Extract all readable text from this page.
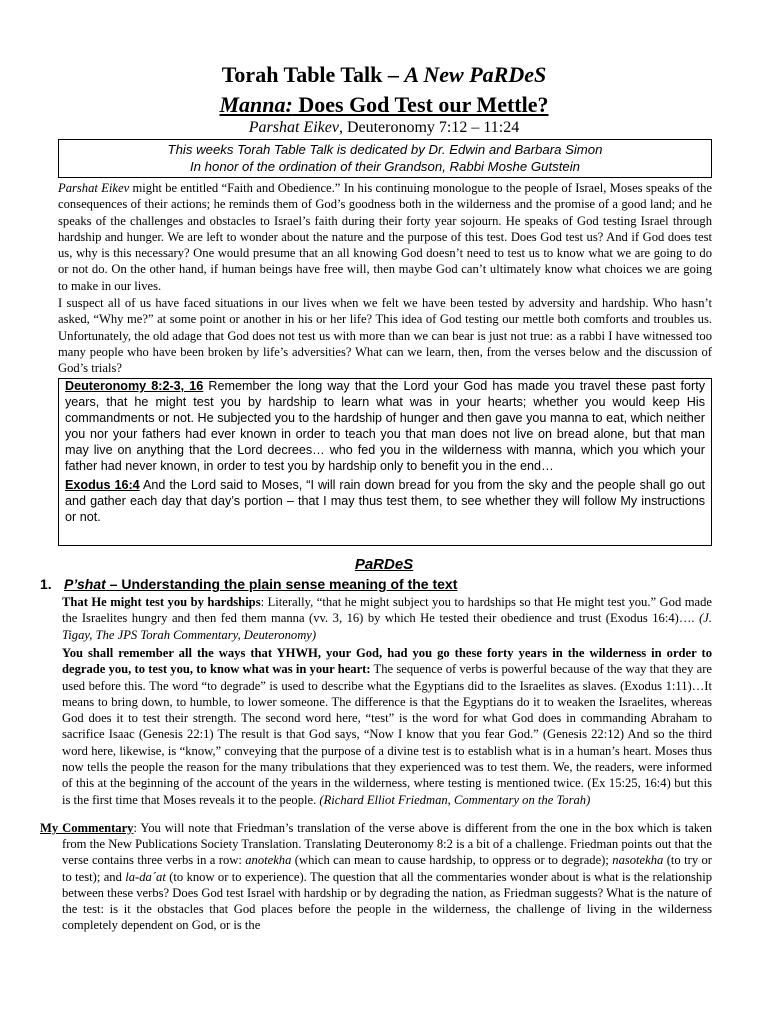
Torah Table Talk – A New PaRDeS
Manna: Does God Test our Mettle?
Parshat Eikev, Deuteronomy 7:12 – 11:24
This weeks Torah Table Talk is dedicated by Dr. Edwin and Barbara Simon
In honor of the ordination of their Grandson, Rabbi Moshe Gutstein
Parshat Eikev might be entitled “Faith and Obedience.” In his continuing monologue to the people of Israel, Moses speaks of the consequences of their actions; he reminds them of God’s goodness both in the wilderness and the promise of a good land; and he speaks of the challenges and obstacles to Israel’s faith during their forty year sojourn. He speaks of God testing Israel through hardship and hunger. We are left to wonder about the nature and the purpose of this test. Does God test us? And if God does test us, why is this necessary? One would presume that an all knowing God doesn’t need to test us to know what we are going to do or not do. On the other hand, if human beings have free will, then maybe God can’t ultimately know what choices we are going to make in our lives.
I suspect all of us have faced situations in our lives when we felt we have been tested by adversity and hardship. Who hasn’t asked, “Why me?” at some point or another in his or her life? This idea of God testing our mettle both comforts and troubles us. Unfortunately, the old adage that God does not test us with more than we can bear is just not true: as a rabbi I have witnessed too many people who have been broken by life’s adversities? What can we learn, then, from the verses below and the discussion of God’s trials?

Deuteronomy 8:2-3, 16 Remember the long way that the Lord your God has made you travel these past forty years, that he might test you by hardship to learn what was in your hearts; whether you would keep His commandments or not. He subjected you to the hardship of hunger and then gave you manna to eat, which neither you nor your fathers had ever known in order to teach you that man does not live on bread alone, but that man may live on anything that the Lord decrees… who fed you in the wilderness with manna, which you which your father had never known, in order to test you by hardship only to benefit you in the end…

Exodus 16:4 And the Lord said to Moses, “I will rain down bread for you from the sky and the people shall go out and gather each day that day’s portion – that I may thus test them, to see whether they will follow My instructions or not.

PaRDeS
1. P’shat – Understanding the plain sense meaning of the text
That He might test you by hardships: Literally, “that he might subject you to hardships so that He might test you.” God made the Israelites hungry and then fed them manna (vv. 3, 16) by which He tested their obedience and trust (Exodus 16:4)…. (J. Tigay, The JPS Torah Commentary, Deuteronomy)
You shall remember all the ways that YHWH, your God, had you go these forty years in the wilderness in order to degrade you, to test you, to know what was in your heart: The sequence of verbs is powerful because of the way that they are used before this. The word “to degrade” is used to describe what the Egyptians did to the Israelites as slaves. (Exodus 1:11)…It means to bring down, to humble, to lower someone. The difference is that the Egyptians do it to weaken the Israelites, whereas God does it to test their strength. The second word here, “test” is the word for what God does in commanding Abraham to sacrifice Isaac (Genesis 22:1) The result is that God says, “Now I know that you fear God.” (Genesis 22:12) And so the third word here, likewise, is “know,” conveying that the purpose of a divine test is to establish what is in a human’s heart. Moses thus now tells the people the reason for the many tribulations that they experienced was to test them. We, the readers, were informed of this at the beginning of the account of the years in the wilderness, where testing is mentioned twice. (Ex 15:25, 16:4) but this is the first time that Moses reveals it to the people. (Richard Elliot Friedman, Commentary on the Torah)
My Commentary: You will note that Friedman’s translation of the verse above is different from the one in the box which is taken from the New Publications Society Translation. Translating Deuteronomy 8:2 is a bit of a challenge. Friedman points out that the verse contains three verbs in a row: anotekha (which can mean to cause hardship, to oppress or to degrade); nasotekha (to try or to test); and la-da´at (to know or to experience). The question that all the commentaries wonder about is what is the relationship between these verbs? Does God test Israel with hardship or by degrading the nation, as Friedman suggests? What is the nature of the test: is it the obstacles that God places before the people in the wilderness, the challenge of living in the wilderness completely dependent on God, or is the
